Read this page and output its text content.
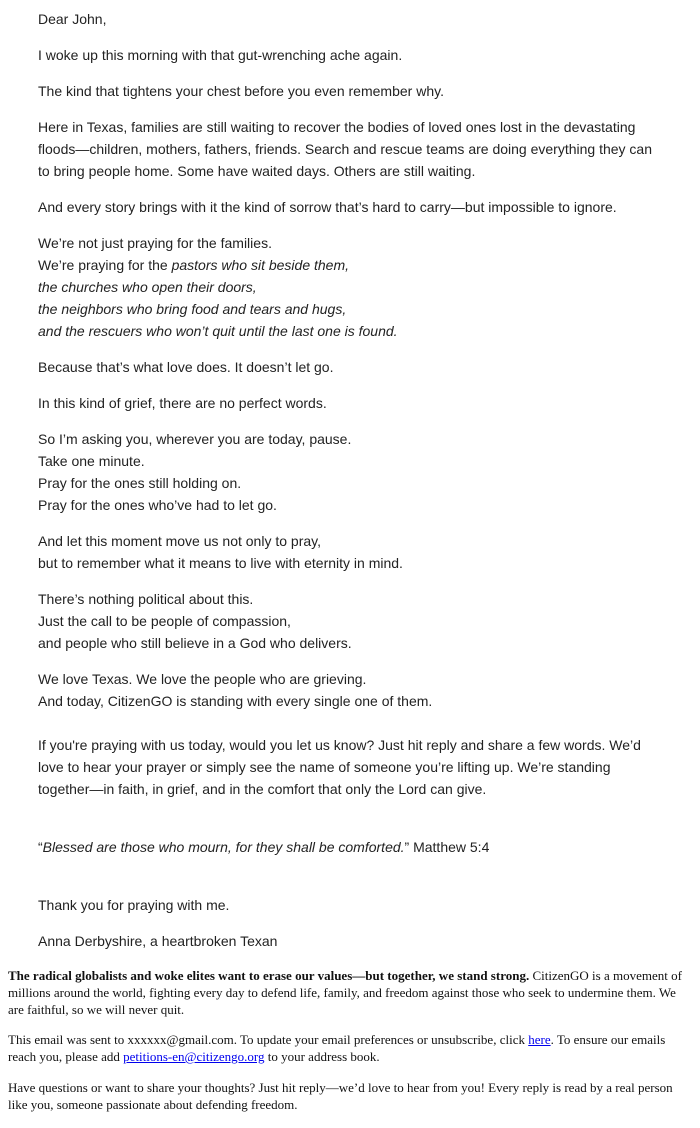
Dear John,

I woke up this morning with that gut-wrenching ache again.

The kind that tightens your chest before you even remember why.

Here in Texas, families are still waiting to recover the bodies of loved ones lost in the devastating
floods—children, mothers, fathers, friends. Search and rescue teams are doing everything they can
to bring people home. Some have waited days. Others are still waiting.

And every story brings with it the kind of sorrow that’s hard to carry—but impossible to ignore.

We’re not just praying for the families.
We’re praying for the pastors who sit beside them,
the churches who open their doors,
the neighbors who bring food and tears and hugs,
and the rescuers who won’t quit until the last one is found.

Because that’s what love does. It doesn’t let go.

In this kind of grief, there are no perfect words.

So I’m asking you, wherever you are today, pause.
Take one minute.
Pray for the ones still holding on.
Pray for the ones who’ve had to let go.

And let this moment move us not only to pray,
but to remember what it means to live with eternity in mind.

There’s nothing political about this.
Just the call to be people of compassion,
and people who still believe in a God who delivers.

We love Texas. We love the people who are grieving.
And today, CitizenGO is standing with every single one of them.

If you're praying with us today, would you let us know? Just hit reply and share a few words. We’d
love to hear your prayer or simply see the name of someone you’re lifting up. We’re standing
together—in faith, in grief, and in the comfort that only the Lord can give.

“Blessed are those who mourn, for they shall be comforted.” Matthew 5:4

Thank you for praying with me.

Anna Derbyshire, a heartbroken Texan

The radical globalists and woke elites want to erase our values—but together, we stand strong. CitizenGO is a movement of millions around the world, fighting every day to defend life, family, and freedom against those who seek to undermine them. We are faithful, so we will never quit.

This email was sent to xxxxxx@gmail.com. To update your email preferences or unsubscribe, click here. To ensure our emails reach you, please add petitions-en@citizengo.org to your address book.

Have questions or want to share your thoughts? Just hit reply—we’d love to hear from you! Every reply is read by a real person like you, someone passionate about defending freedom.
